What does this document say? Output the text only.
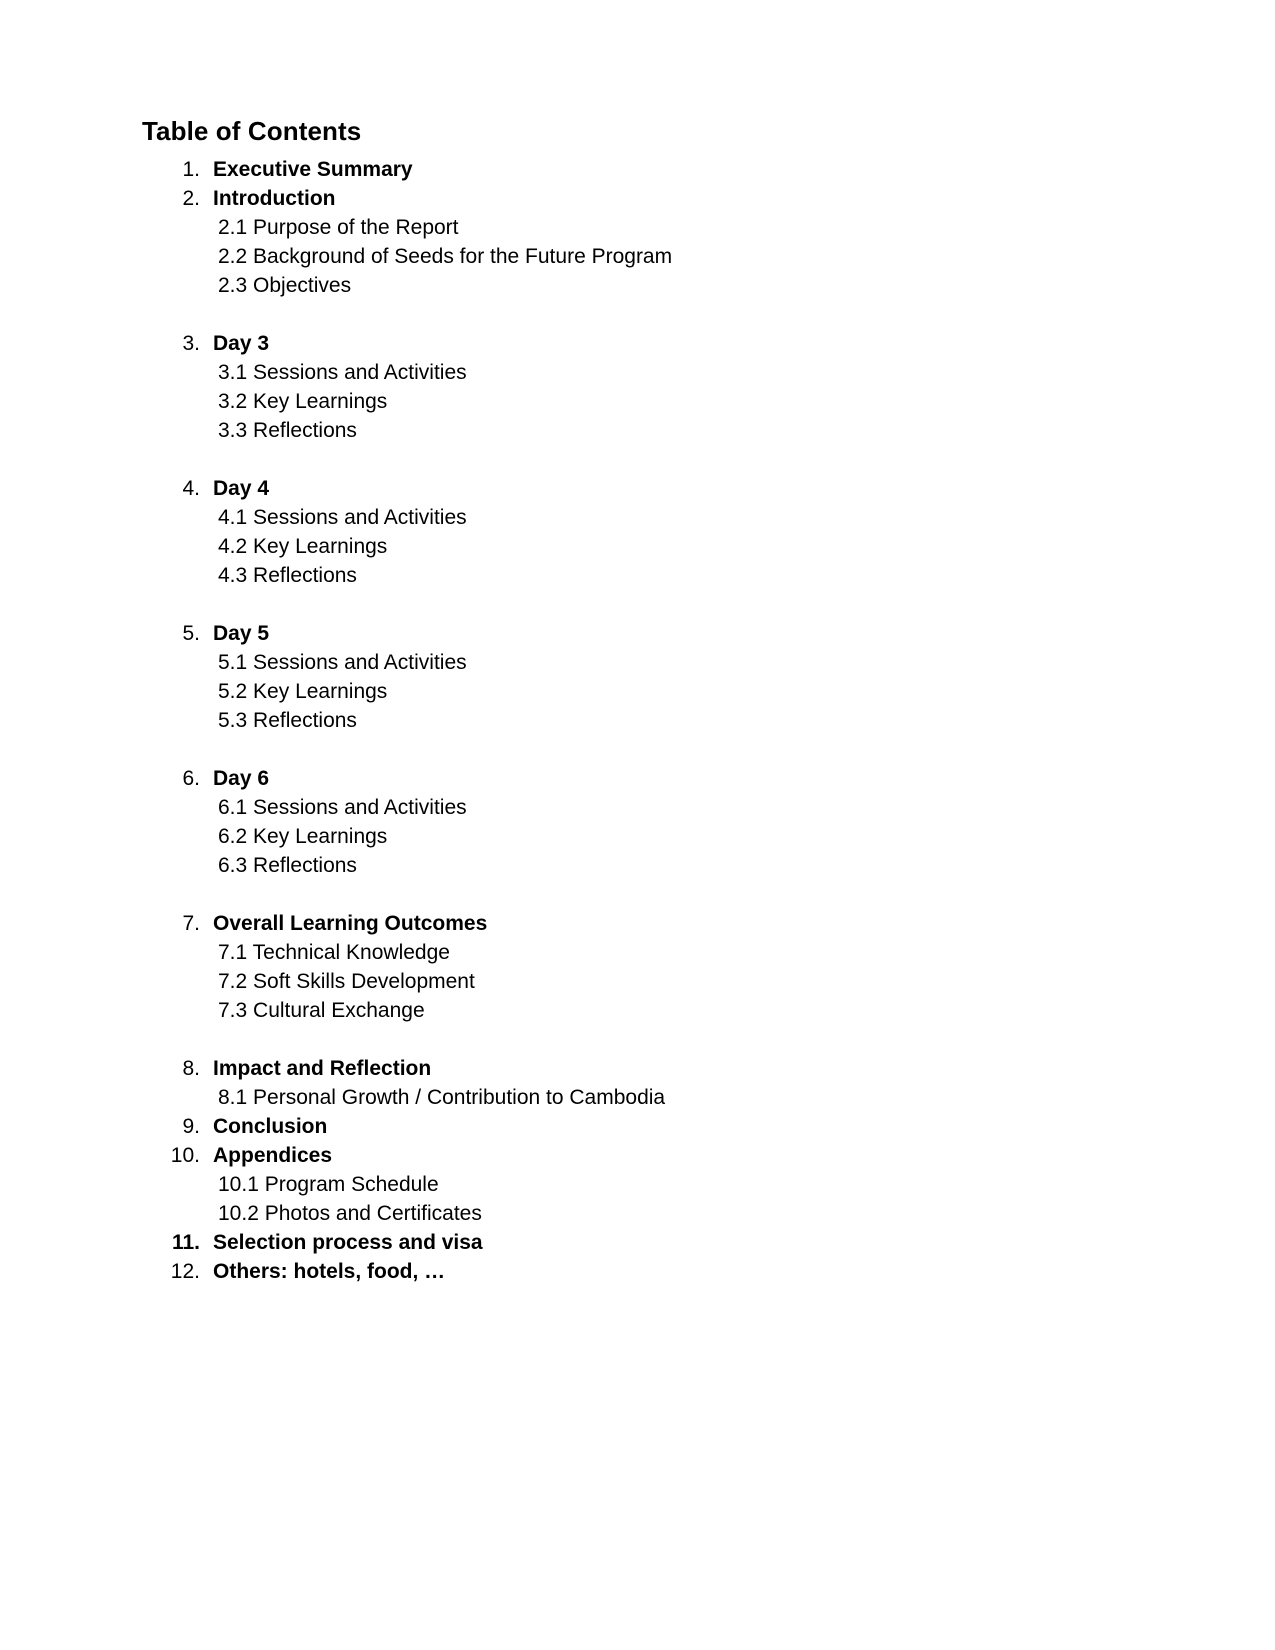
Table of Contents
1. Executive Summary
2. Introduction
2.1 Purpose of the Report
2.2 Background of Seeds for the Future Program
2.3 Objectives
3. Day 3
3.1 Sessions and Activities
3.2 Key Learnings
3.3 Reflections
4. Day 4
4.1 Sessions and Activities
4.2 Key Learnings
4.3 Reflections
5. Day 5
5.1 Sessions and Activities
5.2 Key Learnings
5.3 Reflections
6. Day 6
6.1 Sessions and Activities
6.2 Key Learnings
6.3 Reflections
7. Overall Learning Outcomes
7.1 Technical Knowledge
7.2 Soft Skills Development
7.3 Cultural Exchange
8. Impact and Reflection
8.1 Personal Growth / Contribution to Cambodia
9. Conclusion
10. Appendices
10.1 Program Schedule
10.2 Photos and Certificates
11. Selection process and visa
12. Others: hotels, food, …
